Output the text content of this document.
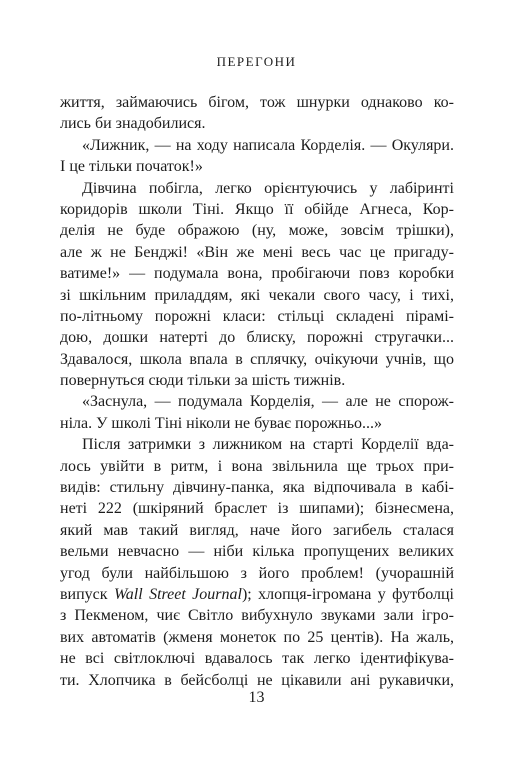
ПЕРЕГОНИ
життя, займаючись бігом, тож шнурки однаково ко-
лись би знадобилися.
«Лижник, — на ходу написала Корделія. — Окуляри.
І це тільки початок!»
Дівчина побігла, легко орієнтуючись у лабіринті
коридорів школи Тіні. Якщо її обійде Агнеса, Кор-
делія не буде ображою (ну, може, зовсім трішки),
але ж не Бенджі! «Він же мені весь час це пригаду-
ватиме!» — подумала вона, пробігаючи повз коробки
зі шкільним приладдям, які чекали свого часу, і тихі,
по-літньому порожні класи: стільці складені пірамі-
дою, дошки натерті до блиску, порожні стругачки...
Здавалося, школа впала в сплячку, очікуючи учнів, що
повернуться сюди тільки за шість тижнів.
«Заснула, — подумала Корделія, — але не спорож-
ніла. У школі Тіні ніколи не буває порожньо...»
Після затримки з лижником на старті Корделії вда-
лось увійти в ритм, і вона звільнила ще трьох при-
видів: стильну дівчину-панка, яка відпочивала в кабі-
неті 222 (шкіряний браслет із шипами); бізнесмена,
який мав такий вигляд, наче його загибель сталася
вельми невчасно — ніби кілька пропущених великих
угод були найбільшою з його проблем! (учорашній
випуск Wall Street Journal); хлопця-ігромана у футболці
з Пекменом, чиє Світло вибухнуло звуками зали ігро-
вих автоматів (жменя монеток по 25 центів). На жаль,
не всі світлоключі вдавалось так легко ідентифікува-
ти. Хлопчика в бейсболці не цікавили ані рукавички,
13
